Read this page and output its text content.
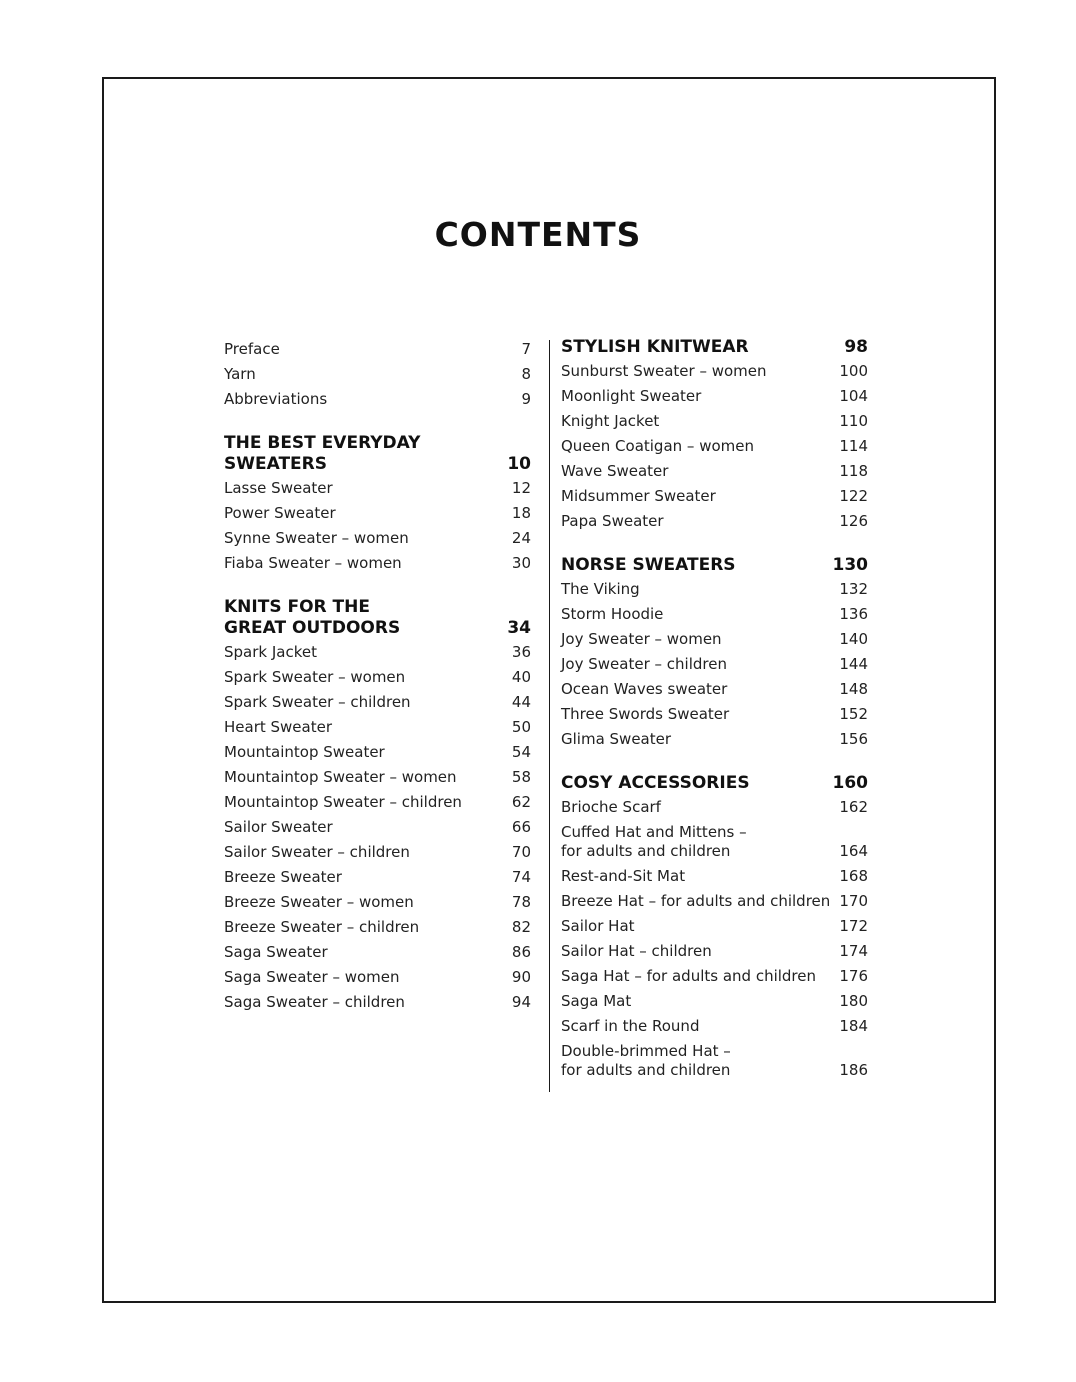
CONTENTS
Preface	7
Yarn	8
Abbreviations	9
THE BEST EVERYDAY SWEATERS	10
Lasse Sweater	12
Power Sweater	18
Synne Sweater – women	24
Fiaba Sweater – women	30
KNITS FOR THE
GREAT OUTDOORS	34
Spark Jacket	36
Spark Sweater – women	40
Spark Sweater – children	44
Heart Sweater	50
Mountaintop Sweater	54
Mountaintop Sweater – women	58
Mountaintop Sweater – children	62
Sailor Sweater	66
Sailor Sweater – children	70
Breeze Sweater	74
Breeze Sweater – women	78
Breeze Sweater – children	82
Saga Sweater	86
Saga Sweater – women	90
Saga Sweater – children	94
STYLISH KNITWEAR	98
Sunburst Sweater – women	100
Moonlight Sweater	104
Knight Jacket	110
Queen Coatigan – women	114
Wave Sweater	118
Midsummer Sweater	122
Papa Sweater	126
NORSE SWEATERS	130
The Viking	132
Storm Hoodie	136
Joy Sweater – women	140
Joy Sweater – children	144
Ocean Waves sweater	148
Three Swords Sweater	152
Glima Sweater	156
COSY ACCESSORIES	160
Brioche Scarf	162
Cuffed Hat and Mittens –
for adults and children	164
Rest-and-Sit Mat	168
Breeze Hat – for adults and children 170
Sailor Hat	172
Sailor Hat – children	174
Saga Hat – for adults and children 176
Saga Mat	180
Scarf in the Round	184
Double-brimmed Hat –
for adults and children	186
